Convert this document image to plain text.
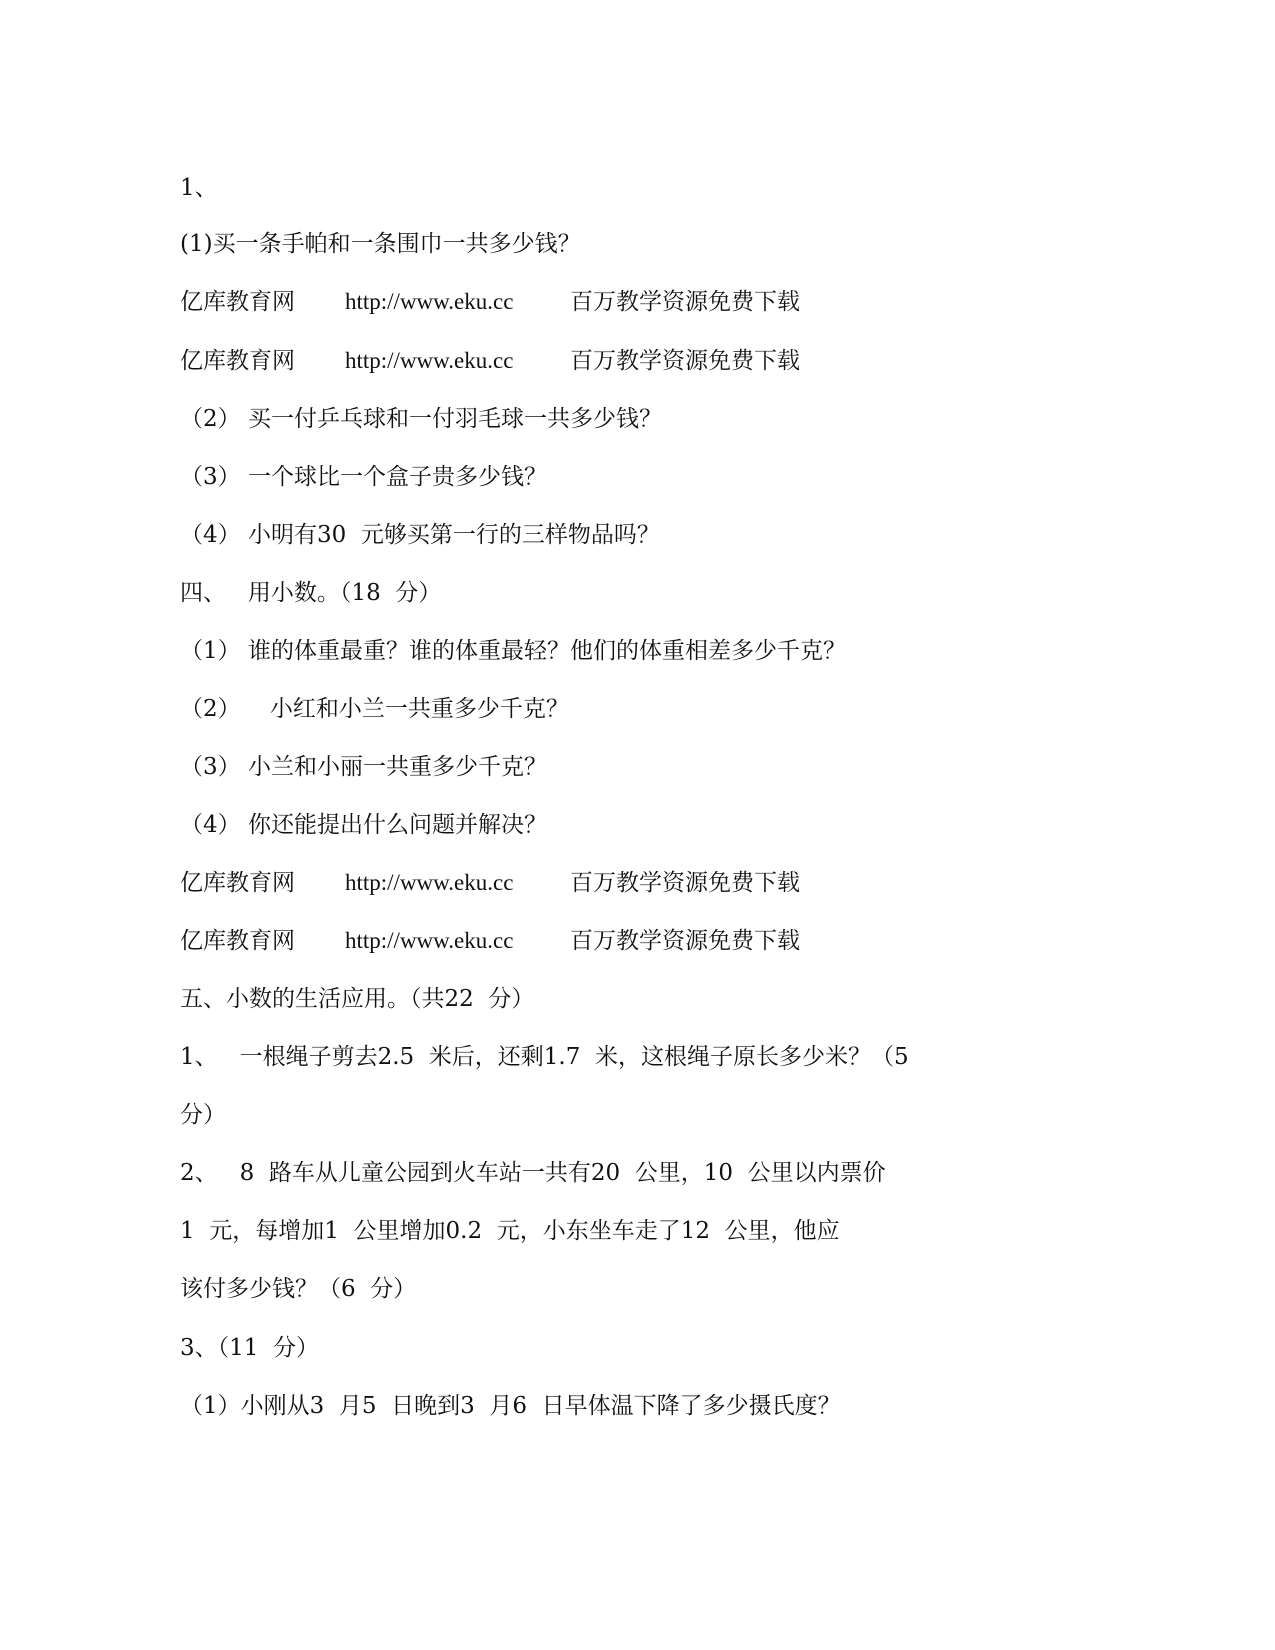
1、
(1)买一条手帕和一条围巾一共多少钱？
亿库教育网 http://www.eku.cc 百万教学资源免费下载
亿库教育网 http://www.eku.cc 百万教学资源免费下载
（2） 买一付乒乓球和一付羽毛球一共多少钱？
（3） 一个球比一个盒子贵多少钱？
（4） 小明有30  元够买第一行的三样物品吗？
四、   用小数。（18  分）
（1） 谁的体重最重？谁的体重最轻？他们的体重相差多少千克？
（2）    小红和小兰一共重多少千克？
（3） 小兰和小丽一共重多少千克？
（4） 你还能提出什么问题并解决？
亿库教育网 http://www.eku.cc 百万教学资源免费下载
亿库教育网 http://www.eku.cc 百万教学资源免费下载
五、小数的生活应用。（共22  分）
1、   一根绳子剪去2.5  米后，还剩1.7  米，这根绳子原长多少米？（5
分）
2、   8  路车从儿童公园到火车站一共有20  公里，10  公里以内票价
1  元，每增加1  公里增加0.2  元，小东坐车走了12  公里，他应
该付多少钱？（6  分）
3、（11  分）
（1）小刚从3  月5  日晚到3  月6  日早体温下降了多少摄氏度？
